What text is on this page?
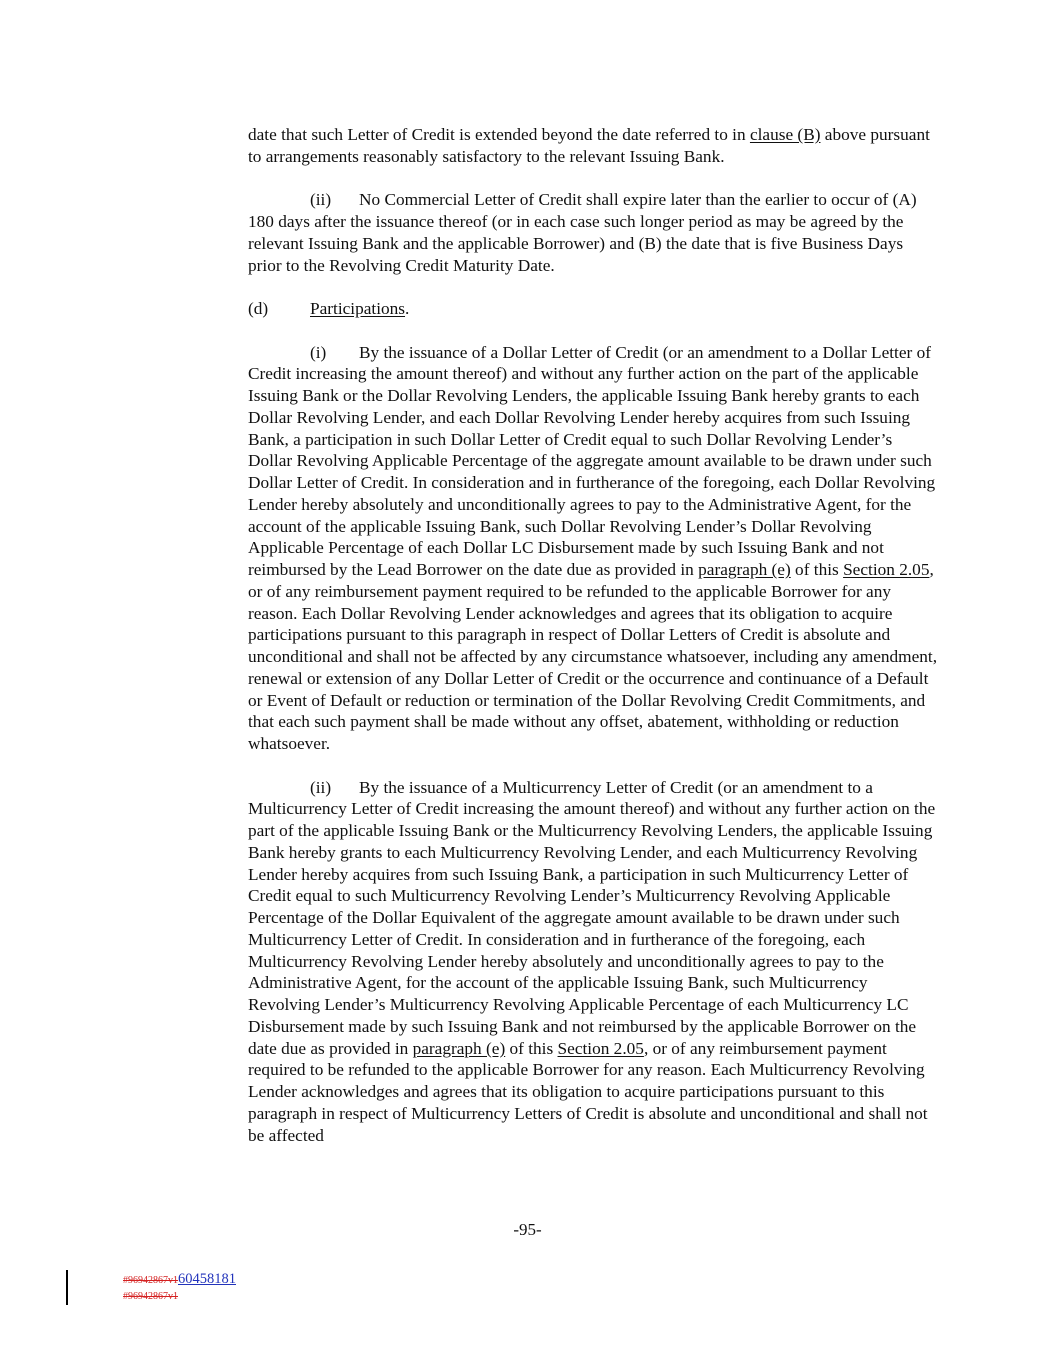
date that such Letter of Credit is extended beyond the date referred to in clause (B) above pursuant to arrangements reasonably satisfactory to the relevant Issuing Bank.

(ii) No Commercial Letter of Credit shall expire later than the earlier to occur of (A) 180 days after the issuance thereof (or in each case such longer period as may be agreed by the relevant Issuing Bank and the applicable Borrower) and (B) the date that is five Business Days prior to the Revolving Credit Maturity Date.

(d) Participations.

(i) By the issuance of a Dollar Letter of Credit (or an amendment to a Dollar Letter of Credit increasing the amount thereof) and without any further action on the part of the applicable Issuing Bank or the Dollar Revolving Lenders, the applicable Issuing Bank hereby grants to each Dollar Revolving Lender, and each Dollar Revolving Lender hereby acquires from such Issuing Bank, a participation in such Dollar Letter of Credit equal to such Dollar Revolving Lender’s Dollar Revolving Applicable Percentage of the aggregate amount available to be drawn under such Dollar Letter of Credit. In consideration and in furtherance of the foregoing, each Dollar Revolving Lender hereby absolutely and unconditionally agrees to pay to the Administrative Agent, for the account of the applicable Issuing Bank, such Dollar Revolving Lender’s Dollar Revolving Applicable Percentage of each Dollar LC Disbursement made by such Issuing Bank and not reimbursed by the Lead Borrower on the date due as provided in paragraph (e) of this Section 2.05, or of any reimbursement payment required to be refunded to the applicable Borrower for any reason. Each Dollar Revolving Lender acknowledges and agrees that its obligation to acquire participations pursuant to this paragraph in respect of Dollar Letters of Credit is absolute and unconditional and shall not be affected by any circumstance whatsoever, including any amendment, renewal or extension of any Dollar Letter of Credit or the occurrence and continuance of a Default or Event of Default or reduction or termination of the Dollar Revolving Credit Commitments, and that each such payment shall be made without any offset, abatement, withholding or reduction whatsoever.

(ii) By the issuance of a Multicurrency Letter of Credit (or an amendment to a Multicurrency Letter of Credit increasing the amount thereof) and without any further action on the part of the applicable Issuing Bank or the Multicurrency Revolving Lenders, the applicable Issuing Bank hereby grants to each Multicurrency Revolving Lender, and each Multicurrency Revolving Lender hereby acquires from such Issuing Bank, a participation in such Multicurrency Letter of Credit equal to such Multicurrency Revolving Lender’s Multicurrency Revolving Applicable Percentage of the Dollar Equivalent of the aggregate amount available to be drawn under such Multicurrency Letter of Credit. In consideration and in furtherance of the foregoing, each Multicurrency Revolving Lender hereby absolutely and unconditionally agrees to pay to the Administrative Agent, for the account of the applicable Issuing Bank, such Multicurrency Revolving Lender’s Multicurrency Revolving Applicable Percentage of each Multicurrency LC Disbursement made by such Issuing Bank and not reimbursed by the applicable Borrower on the date due as provided in paragraph (e) of this Section 2.05, or of any reimbursement payment required to be refunded to the applicable Borrower for any reason. Each Multicurrency Revolving Lender acknowledges and agrees that its obligation to acquire participations pursuant to this paragraph in respect of Multicurrency Letters of Credit is absolute and unconditional and shall not be affected

-95-
#96942867v160458181
#96942867v1
